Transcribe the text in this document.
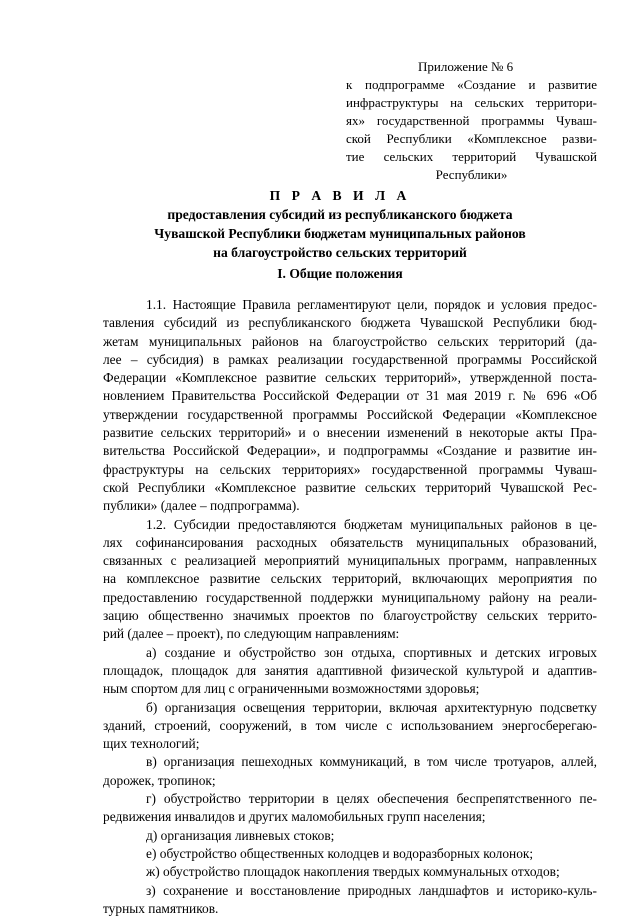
Приложение № 6
к подпрограмме «Создание и развитие
инфраструктуры на сельских территори-
ях» государственной программы Чуваш-
ской Республики «Комплексное разви-
тие сельских территорий Чувашской
Республики»
П Р А В И Л А
предоставления субсидий из республиканского бюджета
Чувашской Республики бюджетам муниципальных районов
на благоустройство сельских территорий
I. Общие положения
1.1. Настоящие Правила регламентируют цели, порядок и условия предос-
тавления субсидий из республиканского бюджета Чувашской Республики бюд-
жетам муниципальных районов на благоустройство сельских территорий (да-
лее – субсидия) в рамках реализации государственной программы Российской
Федерации «Комплексное развитие сельских территорий», утвержденной поста-
новлением Правительства Российской Федерации от 31 мая 2019 г. № 696 «Об
утверждении государственной программы Российской Федерации «Комплексное
развитие сельских территорий» и о внесении изменений в некоторые акты Пра-
вительства Российской Федерации», и подпрограммы «Создание и развитие ин-
фраструктуры на сельских территориях» государственной программы Чуваш-
ской Республики «Комплексное развитие сельских территорий Чувашской Рес-
публики» (далее – подпрограмма).
1.2. Субсидии предоставляются бюджетам муниципальных районов в це-
лях софинансирования расходных обязательств муниципальных образований,
связанных с реализацией мероприятий муниципальных программ, направленных
на комплексное развитие сельских территорий, включающих мероприятия по
предоставлению государственной поддержки муниципальному району на реали-
зацию общественно значимых проектов по благоустройству сельских террито-
рий (далее – проект), по следующим направлениям:
а) создание и обустройство зон отдыха, спортивных и детских игровых
площадок, площадок для занятия адаптивной физической культурой и адаптив-
ным спортом для лиц с ограниченными возможностями здоровья;
б) организация освещения территории, включая архитектурную подсветку
зданий, строений, сооружений, в том числе с использованием энергосберегаю-
щих технологий;
в) организация пешеходных коммуникаций, в том числе тротуаров, аллей,
дорожек, тропинок;
г) обустройство территории в целях обеспечения беспрепятственного пе-
редвижения инвалидов и других маломобильных групп населения;
д) организация ливневых стоков;
е) обустройство общественных колодцев и водоразборных колонок;
ж) обустройство площадок накопления твердых коммунальных отходов;
з) сохранение и восстановление природных ландшафтов и историко-куль-
турных памятников.
